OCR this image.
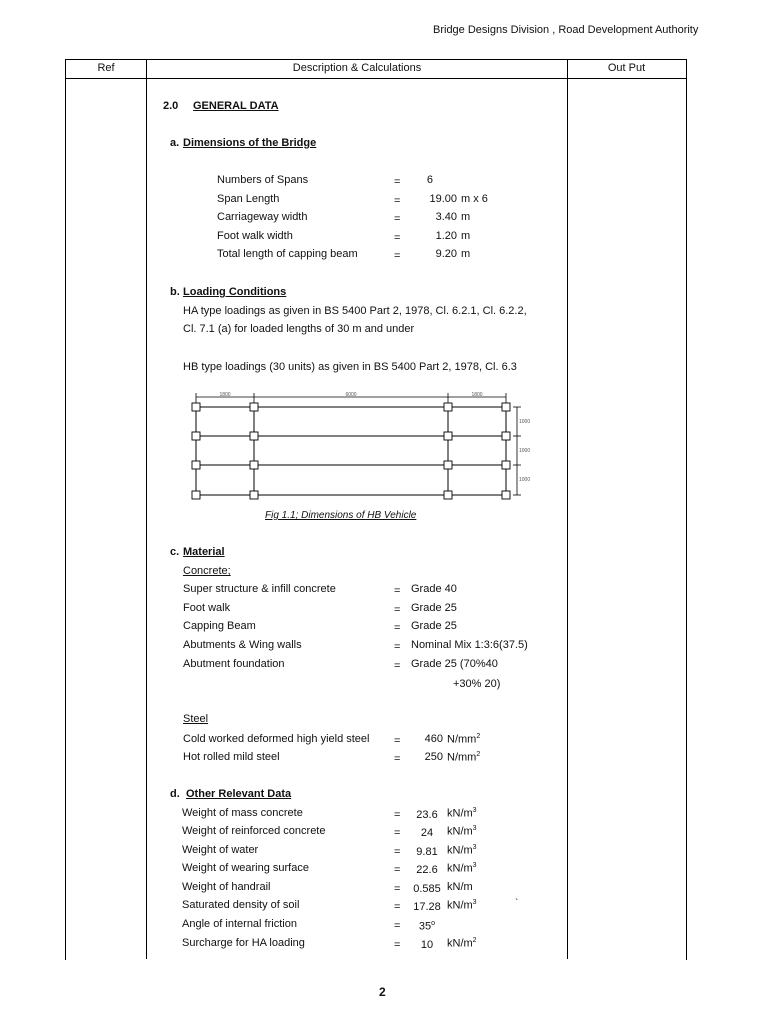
Bridge Designs Division , Road Development Authority
Ref	Description & Calculations	Out Put
2.0 GENERAL DATA
a. Dimensions of the Bridge
Numbers of Spans	=	6
Span Length	=	19.00 m x 6
Carriageway width	=	3.40 m
Foot walk width	=	1.20 m
Total length of capping beam	=	9.20 m
b. Loading Conditions
HA type loadings as given in BS 5400 Part 2, 1978, Cl. 6.2.1, Cl. 6.2.2,
Cl. 7.1 (a) for loaded lengths of 30 m and under
HB type loadings (30 units) as given in BS 5400 Part 2, 1978, Cl. 6.3
1800	6000	1800
1000
1000
1000
Fig 1.1; Dimensions of HB Vehicle
c. Material
Concrete;
Super structure & infill concrete	= Grade 40
Foot walk	= Grade 25
Capping Beam	= Grade 25
Abutments & Wing walls	= Nominal Mix 1:3:6(37.5)
Abutment foundation	= Grade 25 (70%40
+30% 20)
Steel
Cold worked deformed high yield steel =	460 $N/mm^2$
Hot rolled mild steel	=	250 $N/mm^2$
d. Other Relevant Data
Weight of mass concrete	=	23.6 $kN/m^3$
Weight of reinforced concrete	=	24	$kN/m^3$
Weight of water	=	9.81 $kN/m^3$
Weight of wearing surface	=	22.6 $kN/m^3$
Weight of handrail	=	0.585 kN/m
Saturated density of soil	=	17.28 $kN/m^3$
Angle of internal friction	=	$35^o$
Surcharge for HA loading	=	10	$kN/m^2$
`
2
